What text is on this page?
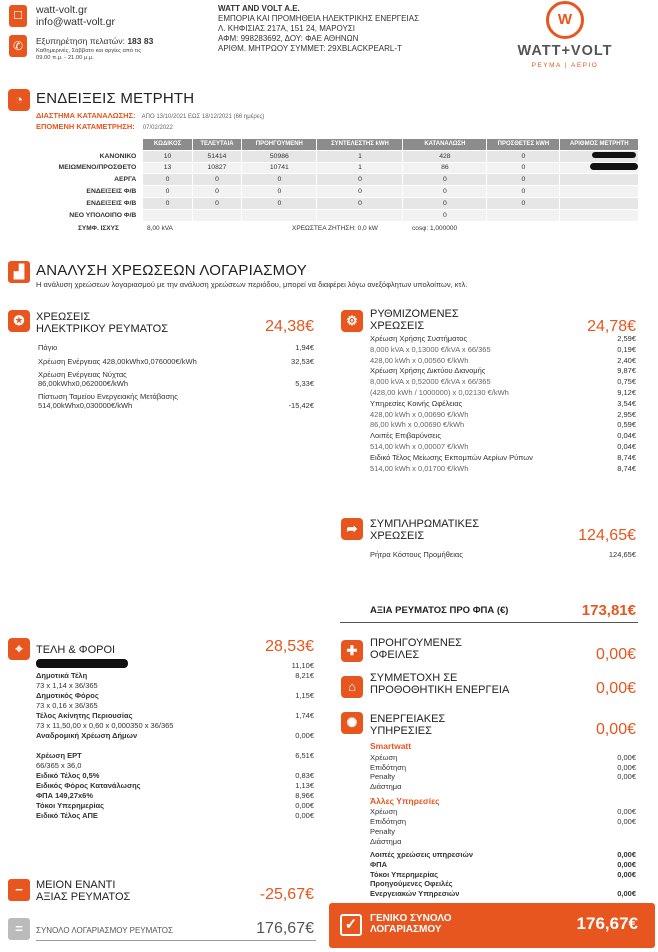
☐	watt-volt.gr
info@watt-volt.gr
✆	Εξυπηρέτηση πελατών: 183 83
Καθημερινές, Σάββατο και αργίες από τις 09.00 π.μ. - 21.00 μ.μ.
WATT AND VOLT A.E.
ΕΜΠΟΡΙΑ ΚΑΙ ΠΡΟΜΗΘΕΙΑ ΗΛΕΚΤΡΙΚΗΣ ΕΝΕΡΓΕΙΑΣ
Λ. ΚΗΦΙΣΙΑΣ 217Α, 151 24, ΜΑΡΟΥΣΙ
ΑΦΜ: 998283692, ΔΟΥ: ΦΑΕ ΑΘΗΝΩΝ
ΑΡΙΘΜ. ΜΗΤΡΩΟΥ ΣΥΜΜΕΤ: 29XBLACKPEARL-T
W
WATT+VOLT
ΡΕΥΜΑ | ΑΕΡΙΟ
◔ ΕΝΔΕΙΞΕΙΣ ΜΕΤΡΗΤΗ
ΔΙΑΣΤΗΜΑ ΚΑΤΑΝΑΛΩΣΗΣ: ΑΠΟ 13/10/2021 ΕΩΣ 18/12/2021 (66 ημέρες)
ΕΠΟΜΕΝΗ ΚΑΤΑΜΕΤΡΗΣΗ: 07/02/2022
	ΚΩΔΙΚΟΣ	ΤΕΛΕΥΤΑΙΑ	ΠΡΟΗΓΟΥΜΕΝΗ	ΣΥΝΤΕΛΕΣΤΗΣ kWH	ΚΑΤΑΝΑΛΩΣΗ	ΠΡΟΣΘΕΤΕΣ kWH	ΑΡΙΘΜΟΣ ΜΕΤΡΗΤΗ
ΚΑΝΟΝΙΚΟ	10	51414	50986	1	428	0	
ΜΕΙΩΜΕΝΟ/ΠΡΟΣΘΕΤΟ	13	10827	10741	1	86	0	
ΑΕΡΓΑ	0	0	0	0	0	0	
ΕΝΔΕΙΞΕΙΣ Φ/Β	0	0	0	0	0	0	
ΕΝΔΕΙΞΕΙΣ Φ/Β	0	0	0	0	0	0	
ΝΕΟ ΥΠΟΛΟΙΠΟ Φ/Β					0		
ΣΥΜΦ. ΙΣΧΥΣ	8,00 kVA	ΧΡΕΩΣΤΕΑ ΖΗΤΗΣΗ: 0,0 kW	cosφ: 1,000000
▟ ΑΝΑΛΥΣΗ ΧΡΕΩΣΕΩΝ ΛΟΓΑΡΙΑΣΜΟΥ
Η ανάλυση χρεώσεων λογαριασμού με την ανάλυση χρεώσεων περιόδου, μπορεί να διαφέρει λόγω ανεξόφλητων υπολοίπων, κτλ.
✪	ΧΡΕΩΣΕΙΣ
ΗΛΕΚΤΡΙΚΟΥ ΡΕΥΜΑΤΟΣ	24,38€
Πάγιο	1,94€
Χρέωση Ενέργειας 428,00kWhx0,076000€/kWh	32,53€
Χρέωση Ενέργειας Νύχτας
86,00kWhx0,062000€/kWh	5,33€
Πίστωση Ταμείου Ενεργειακής Μετάβασης
514,00kWhx0,030000€/kWh	-15,42€
⚙	ΡΥΘΜΙΖΟΜΕΝΕΣ
ΧΡΕΩΣΕΙΣ	24,78€
Χρέωση Χρήσης Συστήματος	2,59€
8,000 kVA x 0,13000 €/kVA x 66/365	0,19€
428,00 kWh x 0,00560 €/kWh	2,40€
Χρέωση Χρήσης Δικτύου Διανομής	9,87€
8,000 kVA x 0,52000 €/kVA x 66/365	0,75€
(428,00 kWh / 1000000) x 0,02130 €/kWh	9,12€
Υπηρεσίες Κοινής Ωφέλειας	3,54€
428,00 kWh x 0,00690 €/kWh	2,95€
86,00 kWh x 0,00690 €/kWh	0,59€
Λοιπές Επιβαρύνσεις	0,04€
514,00 kWh x 0,00007 €/kWh	0,04€
Ειδικό Τέλος Μείωσης Εκπομπών Αερίων Ρύπων	8,74€
514,00 kWh x 0,01700 €/kWh	8,74€
➦	ΣΥΜΠΛΗΡΩΜΑΤΙΚΕΣ
ΧΡΕΩΣΕΙΣ	124,65€
Ρήτρα Κόστους Προμήθειας	124,65€
ΑΞΙΑ ΡΕΥΜΑΤΟΣ ΠΡΟ ΦΠΑ (€)	173,81€
⌖	ΤΕΛΗ & ΦΟΡΟΙ	28,53€
11,10€
Δημοτικά Τέλη	8,21€
73 x 1,14 x 36/365
Δημοτικός Φόρος	1,15€
73 x 0,16 x 36/365
Τέλος Ακίνητης Περιουσίας	1,74€
73 x 11,50,00 x 0,60 x 0,000350 x 36/365
Αναδρομική Χρέωση Δήμων	0,00€
Χρέωση ΕΡΤ	6,51€
66/365 x 36,0
Ειδικό Τέλος 0,5%	0,83€
Ειδικός Φόρος Κατανάλωσης	1,13€
ΦΠΑ 149,27x6%	8,96€
Τόκοι Υπερημερίας	0,00€
Ειδικό Τέλος ΑΠΕ	0,00€
✚	ΠΡΟΗΓΟΥΜΕΝΕΣ
ΟΦΕΙΛΕΣ	0,00€
⌂
ΣΥΜΜΕΤΟΧΗ ΣΕ
ΠΡΟΘΟΘΗΤΙΚΗ ΕΝΕΡΓΕΙΑ	0,00€
✺	ΕΝΕΡΓΕΙΑΚΕΣ
ΥΠΗΡΕΣΙΕΣ	0,00€
Smartwatt
Χρέωση	0,00€
Επιδότηση	0,00€
Penalty	0,00€
Διάστημα
Άλλες Υπηρεσίες
Χρέωση	0,00€
Επιδότηση	0,00€
Penalty
Διάστημα
Λοιπές χρεώσεις υπηρεσιών	0,00€
ΦΠΑ	0,00€
Τόκοι Υπερημερίας	0,00€
Προηγούμενες Οφειλές
Ενεργειακών Υπηρεσιών	0,00€
−	ΜΕΙΟΝ ΕΝΑΝΤΙ
ΑΞΙΑΣ ΡΕΥΜΑΤΟΣ	-25,67€
=	ΣΥΝΟΛΟ ΛΟΓΑΡΙΑΣΜΟΥ ΡΕΥΜΑΤΟΣ	176,67€	✓	ΓΕΝΙΚΟ ΣΥΝΟΛΟ
ΛΟΓΑΡΙΑΣΜΟΥ	176,67€
